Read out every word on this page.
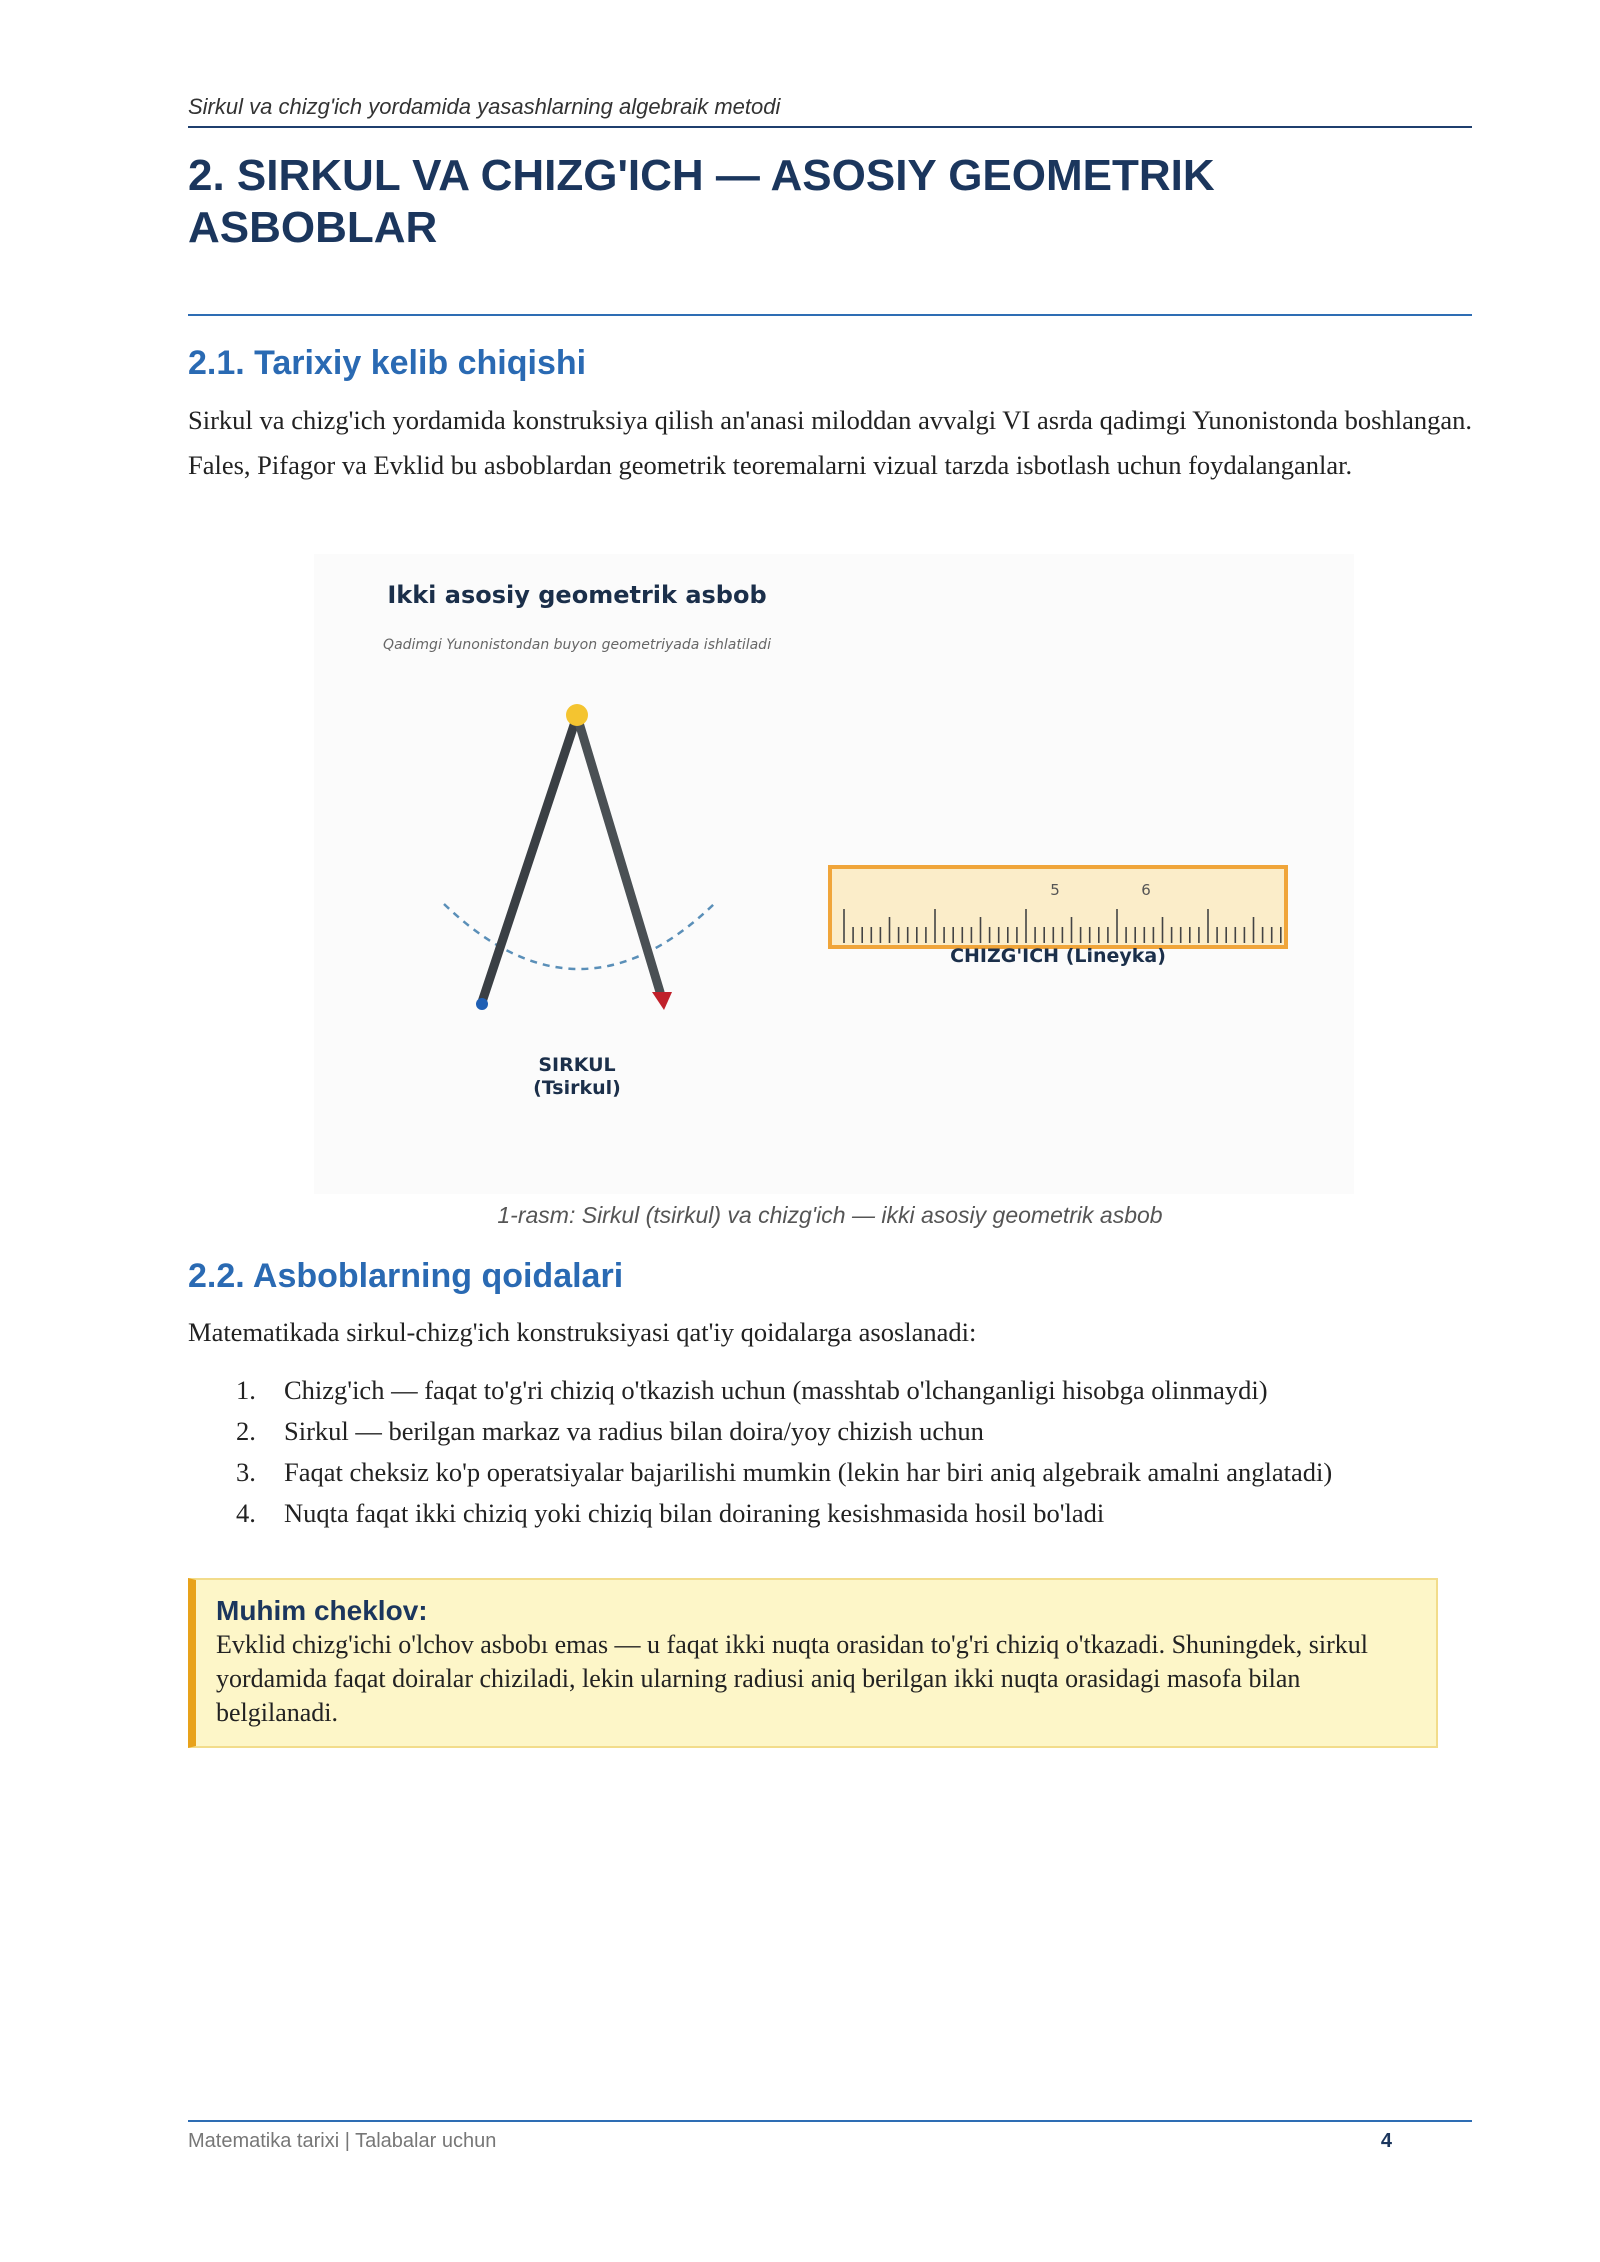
Sirkul va chizg'ich yordamida yasashlarning algebraik metodi
2. SIRKUL VA CHIZG'ICH — ASOSIY GEOMETRIK ASBOBLAR
2.1. Tarixiy kelib chiqishi

Sirkul va chizg'ich yordamida konstruksiya qilish an'anasi miloddan avvalgi VI asrda qadimgi Yunonistonda boshlangan. Fales, Pifagor va Evklid bu asboblardan geometrik teoremalarni vizual tarzda isbotlash uchun foydalanganlar.

Ikki asosiy geometrik asbob
Qadimgi Yunonistondan buyon geometriyada ishlatiladi
SIRKUL
(Tsirkul)
5	6
CHIZG'ICH (Lineyka)
1-rasm: Sirkul (tsirkul) va chizg'ich — ikki asosiy geometrik asbob
2.2. Asboblarning qoidalari

Matematikada sirkul-chizg'ich konstruksiyasi qat'iy qoidalarga asoslanadi:

1.	Chizg'ich — faqat to'g'ri chiziq o'tkazish uchun (masshtab o'lchanganligi hisobga olinmaydi)
2.	Sirkul — berilgan markaz va radius bilan doira/yoy chizish uchun
3.	Faqat cheksiz ko'p operatsiyalar bajarilishi mumkin (lekin har biri aniq algebraik amalni anglatadi)
4.	Nuqta faqat ikki chiziq yoki chiziq bilan doiraning kesishmasida hosil bo'ladi

Muhim cheklov:

Evklid chizg'ichi o'lchov asbobı emas — u faqat ikki nuqta orasidan to'g'ri chiziq o'tkazadi. Shuningdek, sirkul yordamida faqat doiralar chiziladi, lekin ularning radiusi aniq berilgan ikki nuqta orasidagi masofa bilan belgilanadi.

Matematika tarixi | Talabalar uchun	4
